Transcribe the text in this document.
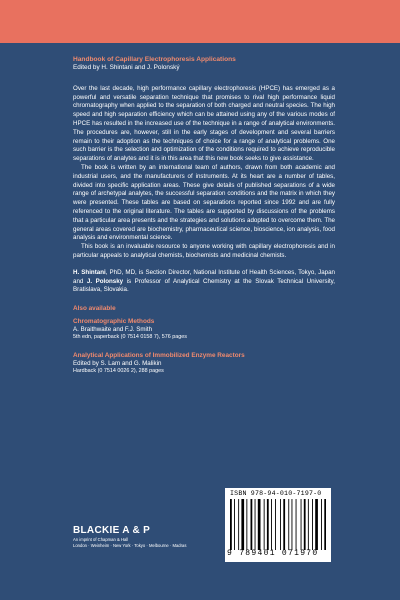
Handbook of Capillary Electrophoresis Applications

Edited by H. Shintani and J. Polonský

Over the last decade, high performance capillary electrophoresis (HPCE) has emerged as a powerful and versatile separation technique that promises to rival high performance liquid chromatography when applied to the separation of both charged and neutral species. The high speed and high separation efficiency which can be attained using any of the various modes of HPCE has resulted in the increased use of the technique in a range of analytical environments. The procedures are, however, still in the early stages of development and several barriers remain to their adoption as the techniques of choice for a range of analytical problems. One such barrier is the selection and optimization of the conditions required to achieve reproducible separations of analytes and it is in this area that this new book seeks to give assistance.

The book is written by an international team of authors, drawn from both academic and industrial users, and the manufacturers of instruments. At its heart are a number of tables, divided into specific application areas. These give details of published separations of a wide range of archetypal analytes, the successful separation conditions and the matrix in which they were presented. These tables are based on separations reported since 1992 and are fully referenced to the original literature. The tables are supported by discussions of the problems that a particular area presents and the strategies and solutions adopted to overcome them. The general areas covered are biochemistry, pharmaceutical science, bioscience, ion analysis, food analysis and environmental science.

This book is an invaluable resource to anyone working with capillary electrophoresis and in particular appeals to analytical chemists, biochemists and medicinal chemists.

H. Shintani, PhD, MD, is Section Director, National Institute of Health Sciences, Tokyo, Japan and J. Polonsky is Professor of Analytical Chemistry at the Slovak Technical University, Bratislava, Slovakia.

Also available

Chromatographic Methods

A. Braithwaite and F.J. Smith

5th edn, paperback (0 7514 0158 7), 576 pages

Analytical Applications of Immobilized Enzyme Reactors

Edited by S. Lam and G. Malikin

Hardback (0 7514 0026 2), 288 pages

BLACKIE A & P

An imprint of Chapman & Hall

London · Weinheim · New York · Tokyo · Melbourne · Madras

ISBN 978-94-010-7197-0
9 789401 071970
